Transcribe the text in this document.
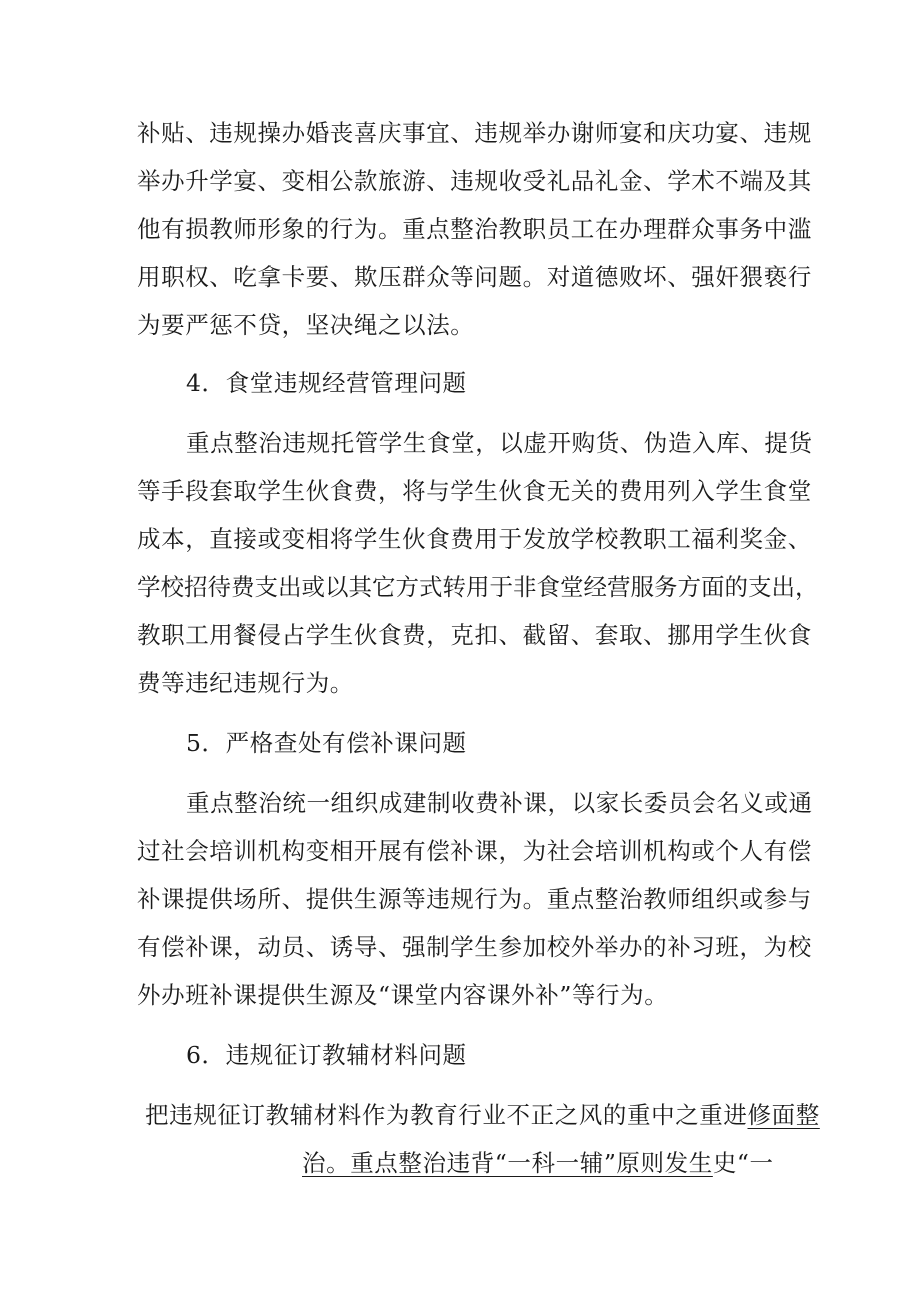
补贴、违规操办婚丧喜庆事宜、违规举办谢师宴和庆功宴、违规
举办升学宴、变相公款旅游、违规收受礼品礼金、学术不端及其
他有损教师形象的行为。重点整治教职员工在办理群众事务中滥
用职权、吃拿卡要、欺压群众等问题。对道德败坏、强奸猥亵行
为要严惩不贷，坚决绳之以法。
4．食堂违规经营管理问题
重点整治违规托管学生食堂，以虚开购货、伪造入库、提货
等手段套取学生伙食费，将与学生伙食无关的费用列入学生食堂
成本，直接或变相将学生伙食费用于发放学校教职工福利奖金、
学校招待费支出或以其它方式转用于非食堂经营服务方面的支出，
教职工用餐侵占学生伙食费，克扣、截留、套取、挪用学生伙食
费等违纪违规行为。
5．严格查处有偿补课问题
重点整治统一组织成建制收费补课，以家长委员会名义或通
过社会培训机构变相开展有偿补课，为社会培训机构或个人有偿
补课提供场所、提供生源等违规行为。重点整治教师组织或参与
有偿补课，动员、诱导、强制学生参加校外举办的补习班，为校
外办班补课提供生源及“课堂内容课外补”等行为。
6．违规征订教辅材料问题
把违规征订教辅材料作为教育行业不正之风的重中之重进修面整
治。重点整治违背“一科一辅”原则发生史“一
